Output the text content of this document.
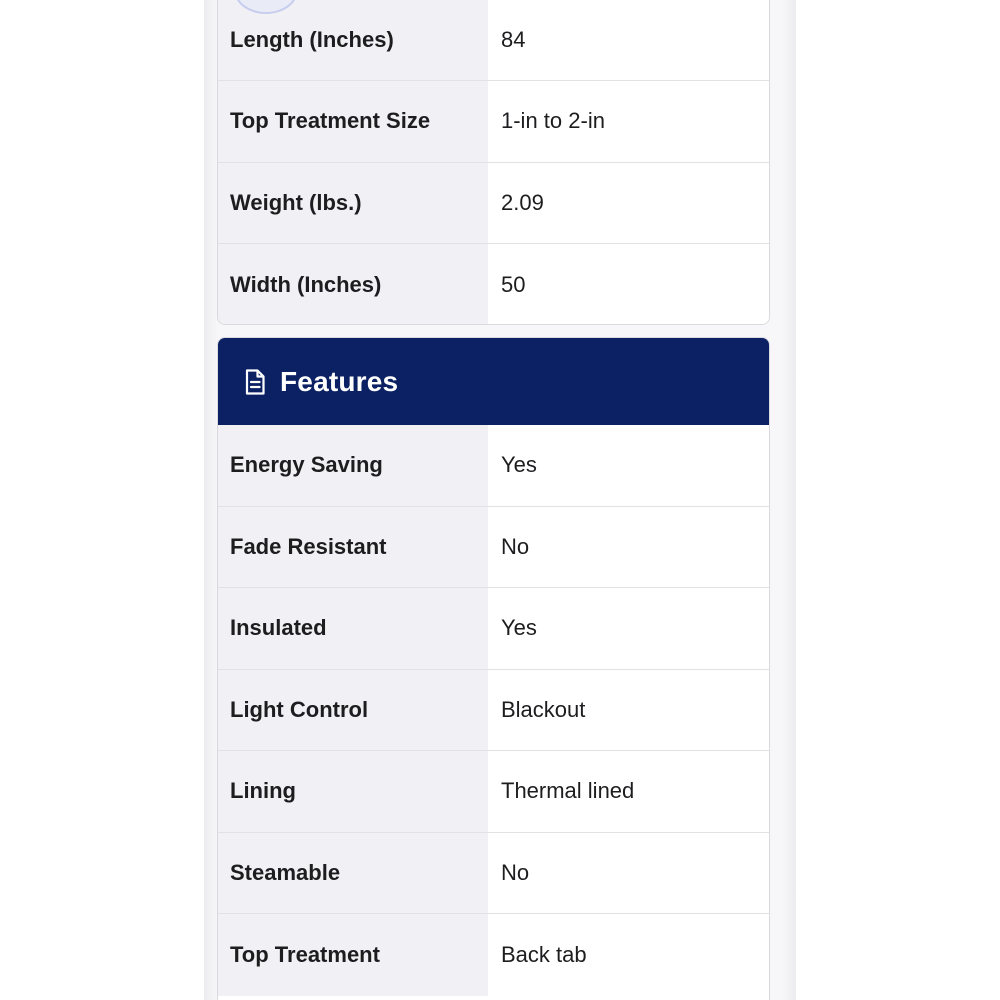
Length (Inches)	84
Top Treatment Size	1-in to 2-in
Weight (lbs.)	2.09
Width (Inches)	50
Features
Energy Saving	Yes
Fade Resistant	No
Insulated	Yes
Light Control	Blackout
Lining	Thermal lined
Steamable	No
Top Treatment	Back tab
